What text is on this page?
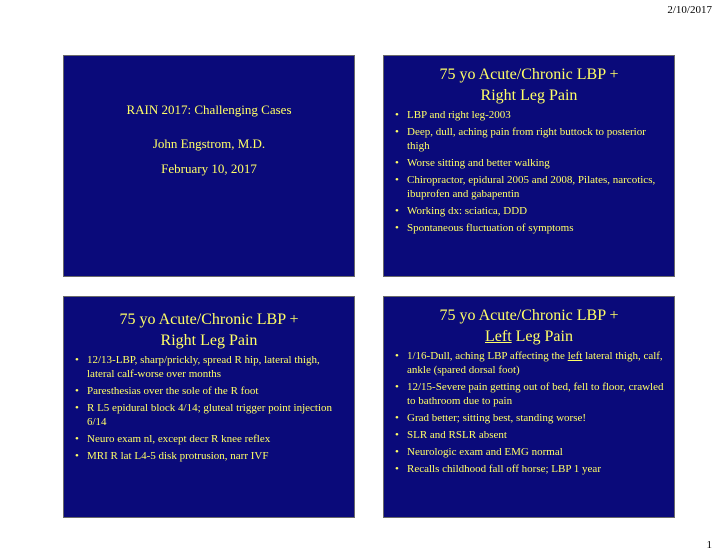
2/10/2017

RAIN 2017: Challenging Cases

John Engstrom, M.D.

February 10, 2017

75 yo Acute/Chronic LBP +
Right Leg Pain
• LBP and right leg-2003
• Deep, dull, aching pain from right buttock to posterior thigh
• Worse sitting and better walking
• Chiropractor, epidural 2005 and 2008, Pilates, narcotics, ibuprofen and gabapentin
• Working dx: sciatica, DDD
• Spontaneous fluctuation of symptoms
75 yo Acute/Chronic LBP +
Right Leg Pain
• 12/13-LBP, sharp/prickly, spread R hip, lateral thigh, lateral calf-worse over months
• Paresthesias over the sole of the R foot
• R L5 epidural block 4/14; gluteal trigger point injection 6/14
• Neuro exam nl, except decr R knee reflex
• MRI R lat L4-5 disk protrusion, narr IVF
75 yo Acute/Chronic LBP +
Left Leg Pain
• 1/16-Dull, aching LBP affecting the left lateral thigh, calf, ankle (spared dorsal foot)
• 12/15-Severe pain getting out of bed, fell to floor, crawled to bathroom due to pain
• Grad better; sitting best, standing worse!
• SLR and RSLR absent
• Neurologic exam and EMG normal
• Recalls childhood fall off horse; LBP 1 year
1
